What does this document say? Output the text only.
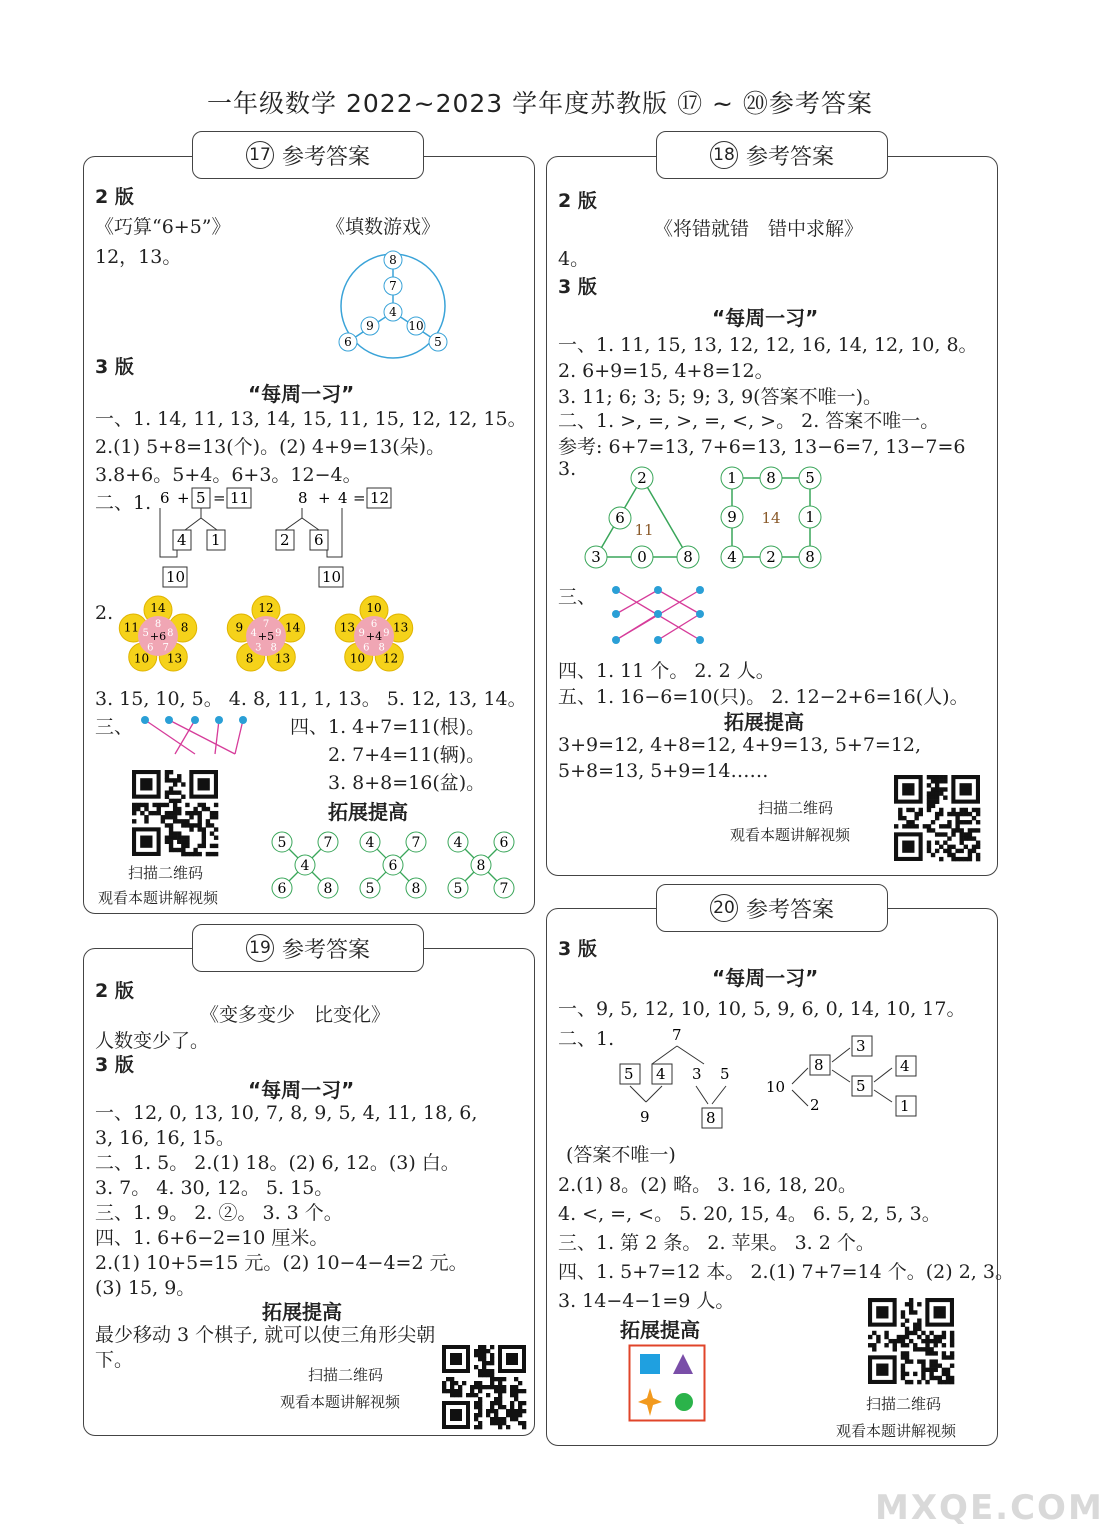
一年级数学 2022~2023 学年度苏教版 ⑰ ~ ⑳参考答案
17 参考答案
2 版
《巧算“6+5”》	《填数游戏》
12，13。	8
7
4
9	10
6	5
3 版
“每周一习”
一、1. 14, 11, 13, 14, 15, 11, 15, 12, 12, 15。
2.(1) 5+8=13(个)。(2) 4+9=13(朵)。
3.8+6。5+4。6+3。12−4。
二、1. 6 + 5 = 11
4 1
10
8 + 4 = 12
2 6
10
2.	14
8 8
8
13
7
10
6
11 5 +6
12
7 14
9
13
8
8
3
9 4 +5
10
6 13
9
12
8
10
6
13 9 +4
3. 15, 10, 5。 4. 8, 11, 1, 13。 5. 12, 13, 14。
三、	四、1. 4+7=11(根)。
2. 7+4=11(辆)。
3. 8+8=16(盆)。
拓展提高
扫描二维码
观看本题讲解视频
5	7
4
6	8
4	7
6
5	8
4	6
8
5	7
18 参考答案
2 版
《将错就错　错中求解》
4。
3 版
“每周一习”
一、1. 11, 15, 13, 12, 12, 16, 14, 12, 10, 8。
2. 6+9=15, 4+8=12。
3. 11; 6; 3; 5; 9; 3, 9(答案不唯一)。
二、1. >, =, >, =, <, >。 2. 答案不唯一。
参考: 6+7=13, 7+6=13, 13−6=7, 13−7=6
3.	2
6
11
3 0 8
1 8 5
9 14 1
4 2 8
三、
四、1. 11 个。 2. 2 人。
五、1. 16−6=10(只)。 2. 12−2+6=16(人)。
拓展提高
3+9=12, 4+8=12, 4+9=13, 5+7=12,
5+8=13, 5+9=14……
扫描二维码
观看本题讲解视频
19 参考答案
2 版
《变多变少　比变化》
人数变少了。
3 版
“每周一习”
一、12, 0, 13, 10, 7, 8, 9, 5, 4, 11, 18, 6,
3, 16, 16, 15。
二、1. 5。 2.(1) 18。(2) 6, 12。(3) 白。
3. 7。 4. 30, 12。 5. 15。
三、1. 9。 2. ②。 3. 3 个。
四、1. 6+6−2=10 厘米。
2.(1) 10+5=15 元。(2) 10−4−4=2 元。
(3) 15, 9。
拓展提高
最少移动 3 个棋子, 就可以使三角形尖朝
下。
扫描二维码
观看本题讲解视频
20 参考答案
3 版
“每周一习”
一、9, 5, 12, 10, 10, 5, 9, 6, 0, 14, 10, 17。
二、1.	7
5 4 3 5
9	8
10
8
2
3
5
4
1
(答案不唯一)
2.(1) 8。(2) 略。 3. 16, 18, 20。
4. <, =, <。 5. 20, 15, 4。 6. 5, 2, 5, 3。
三、1. 第 2 条。 2. 苹果。 3. 2 个。
四、1. 5+7=12 本。 2.(1) 7+7=14 个。(2) 2, 3。
3. 14−4−1=9 人。
拓展提高
扫描二维码
观看本题讲解视频
MXQE.COM
